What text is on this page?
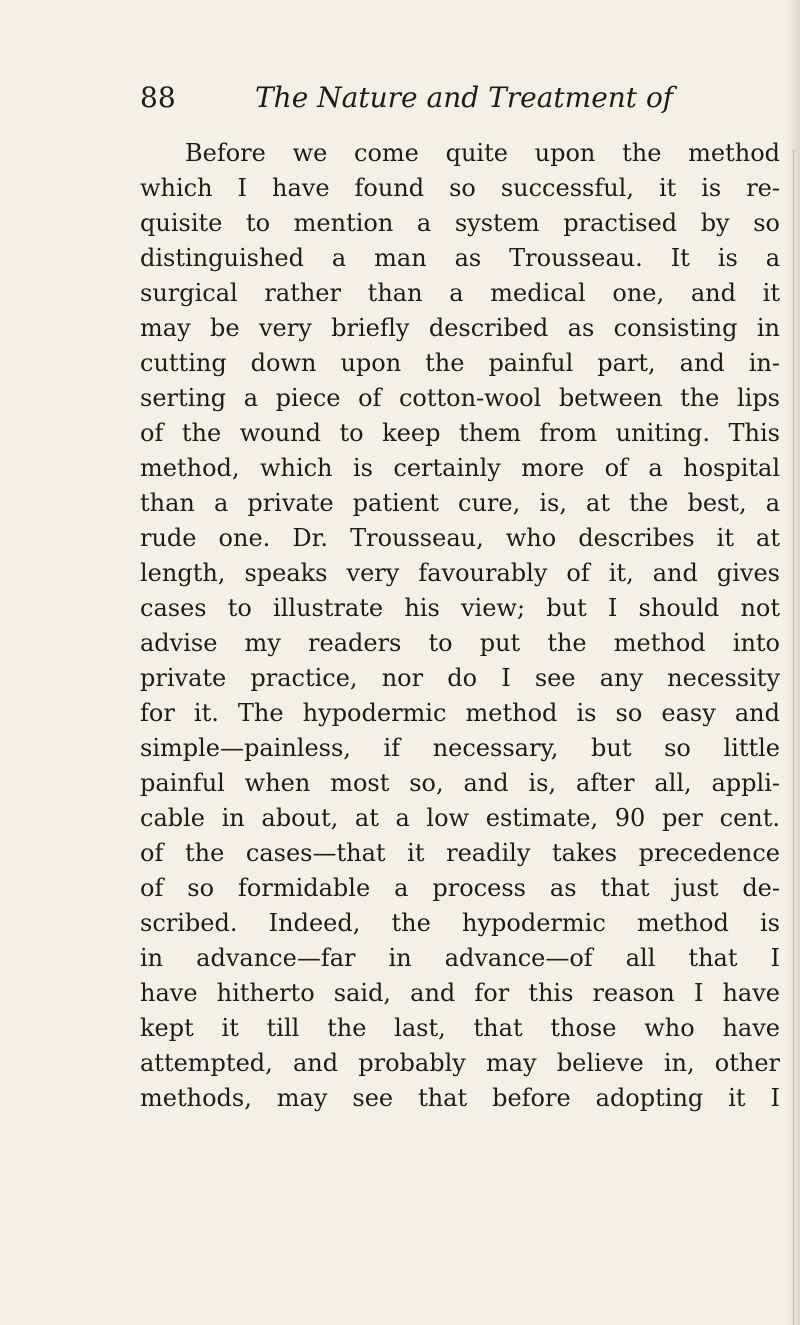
88	The Nature and Treatment of
Before we come quite upon the method
which I have found so successful, it is re-
quisite to mention a system practised by so
distinguished a man as Trousseau. It is a
surgical rather than a medical one, and it
may be very briefly described as consisting in
cutting down upon the painful part, and in-
serting a piece of cotton-wool between the lips
of the wound to keep them from uniting. This
method, which is certainly more of a hospital
than a private patient cure, is, at the best, a
rude one. Dr. Trousseau, who describes it at
length, speaks very favourably of it, and gives
cases to illustrate his view; but I should not
advise my readers to put the method into
private practice, nor do I see any necessity
for it. The hypodermic method is so easy and
simple—painless, if necessary, but so little
painful when most so, and is, after all, appli-
cable in about, at a low estimate, 90 per cent.
of the cases—that it readily takes precedence
of so formidable a process as that just de-
scribed. Indeed, the hypodermic method is
in advance—far in advance—of all that I
have hitherto said, and for this reason I have
kept it till the last, that those who have
attempted, and probably may believe in, other
methods, may see that before adopting it I
